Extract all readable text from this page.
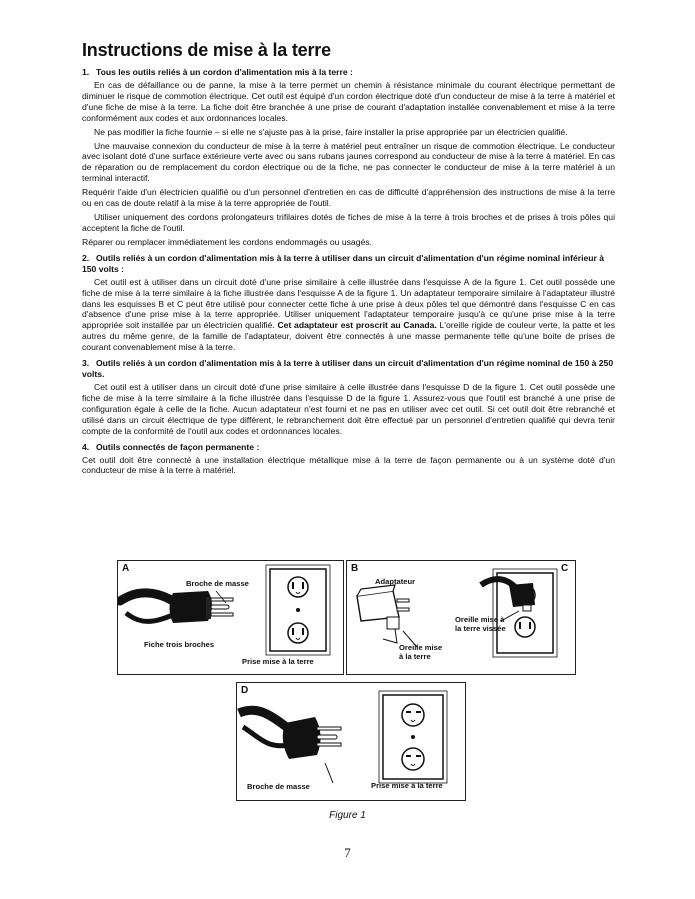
Instructions de mise à la terre
1. Tous les outils reliés à un cordon d'alimentation mis à la terre :

En cas de défaillance ou de panne, la mise à la terre permet un chemin à résistance minimale du courant électrique permettant de diminuer le risque de commotion électrique. Cet outil est équipé d'un cordon électrique doté d'un conducteur de mise à la terre à matériel et d'une fiche de mise à la terre. La fiche doit être branchée à une prise de courant d'adaptation installée convenablement et mise à la terre conformément aux codes et aux ordonnances locales.

Ne pas modifier la fiche fournie – si elle ne s'ajuste pas à la prise, faire installer la prise appropriée par un électricien qualifié.

Une mauvaise connexion du conducteur de mise à la terre à matériel peut entraîner un risque de commotion électrique. Le conducteur avec isolant doté d'une surface extérieure verte avec ou sans rubans jaunes correspond au conducteur de mise à la terre à matériel. En cas de réparation ou de remplacement du cordon électrique ou de la fiche, ne pas connecter le conducteur de mise à la terre matériel à un terminal interactif.

Requérir l'aide d'un électricien qualifié ou d'un personnel d'entretien en cas de difficulté d'appréhension des instructions de mise à la terre ou en cas de doute relatif à la mise à la terre appropriée de l'outil.

Utiliser uniquement des cordons prolongateurs trifilaires dotés de fiches de mise à la terre à trois broches et de prises à trois pôles qui acceptent la fiche de l'outil.

Réparer ou remplacer immédiatement les cordons endommagés ou usagés.

2. Outils reliés à un cordon d'alimentation mis à la terre à utiliser dans un circuit d'alimentation d'un régime nominal inférieur à 150 volts :

Cet outil est à utiliser dans un circuit doté d'une prise similaire à celle illustrée dans l'esquisse A de la figure 1. Cet outil possède une fiche de mise à la terre similaire à la fiche illustrée dans l'esquisse A de la figure 1. Un adaptateur temporaire similaire à l'adaptateur illustré dans les esquisses B et C peut être utilisé pour connecter cette fiche à une prise à deux pôles tel que démontré dans l'esquisse C en cas d'absence d'une prise mise à la terre appropriée. Utiliser uniquement l'adaptateur temporaire jusqu'à ce qu'une prise mise à la terre appropriée soit installée par un électricien qualifié. Cet adaptateur est proscrit au Canada. L'oreille rigide de couleur verte, la patte et les autres du même genre, de la famille de l'adaptateur, doivent être connectés à une masse permanente telle qu'une boite de prises de courant convenablement mise à la terre.

3. Outils reliés à un cordon d'alimentation mis à la terre à utiliser dans un circuit d'alimentation d'un régime nominal de 150 à 250 volts.

Cet outil est à utiliser dans un circuit doté d'une prise similaire à celle illustrée dans l'esquisse D de la figure 1. Cet outil possède une fiche de mise à la terre similaire à la fiche illustrée dans l'esquisse D de la figure 1. Assurez-vous que l'outil est branché à une prise de configuration égale à celle de la fiche. Aucun adaptateur n'est fourni et ne pas en utiliser avec cet outil. Si cet outil doit être rebranché et utilisé dans un circuit électrique de type différent, le rebranchement doit être effectué par un personnel d'entretien qualifié qui devra tenir compte de la conformité de l'outil aux codes et ordonnances locales.

4. Outils connectés de façon permanente :

Cet outil doit être connecté à une installation électrique métallique mise à la terre de façon permanente ou à un système doté d'un conducteur de mise à la terre à matériel.

A
Broche de masse
Fiche trois broches
Prise mise à la terre
B	C
Adaptateur
Oreille mise
à la terre
Oreille mise à
la terre vissée
D
Broche de masse	Prise mise à la terre
Figure 1
7
